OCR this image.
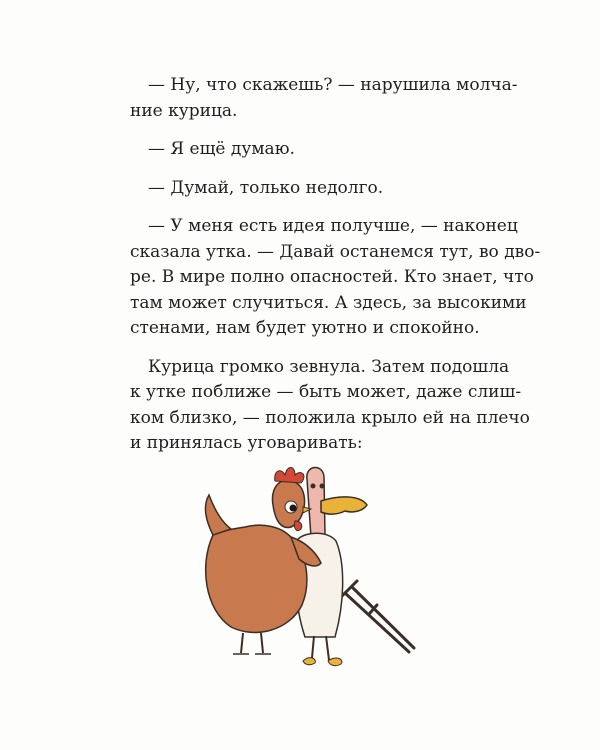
— Ну, что скажешь? — нарушила молча-
ние курица.
— Я ещё думаю.
— Думай, только недолго.
— У меня есть идея получше, — наконец
сказала утка. — Давай останемся тут, во дво-
ре. В мире полно опасностей. Кто знает, что
там может случиться. А здесь, за высокими
стенами, нам будет уютно и спокойно.
Курица громко зевнула. Затем подошла
к утке поближе — быть может, даже слиш-
ком близко, — положила крыло ей на плечо
и принялась уговаривать:
